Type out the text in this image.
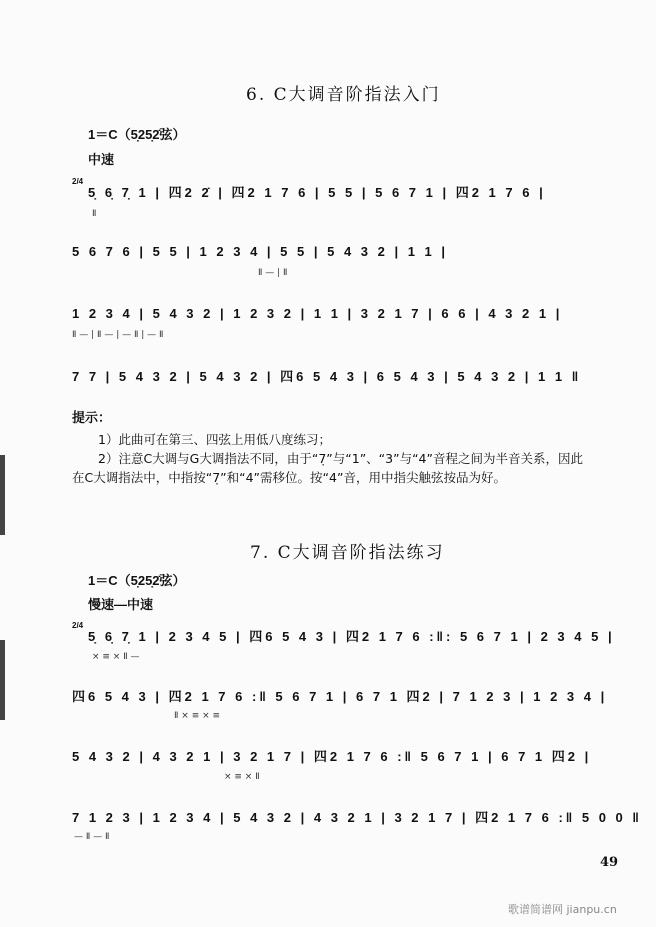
6. C大调音阶指法入门
1＝C（5̣25̣2̇弦）
中速
2/4
5̣ 6̣ 7̣ 1 | 四2 2̇ | 四2 1 7 6 | 5 5 | 5 6 7 1 | 四2 1 7 6 |
Ⅱ
5 6 7 6 | 5 5 | 1 2 3 4 | 5 5 | 5 4 3 2 | 1 1 |
Ⅱ — | Ⅱ
1 2 3 4 | 5 4 3 2 | 1 2 3 2 | 1 1 | 3 2 1 7 | 6 6 | 4 3 2 1 |
Ⅱ — | Ⅱ — | — Ⅱ | — Ⅱ
7 7 | 5 4 3 2 | 5 4 3 2 | 四6 5 4 3 | 6 5 4 3 | 5 4 3 2 | 1 1 ‖
提示：
1）此曲可在第三、四弦上用低八度练习；
2）注意C大调与G大调指法不同，由于“7̣”与“1”、“3”与“4”音程之间为半音关系，因此
在C大调指法中，中指按“7̣”和“4”需移位。按“4”音，用中指尖触弦按品为好。
7. C大调音阶指法练习
1＝C（5̣25̣2̇弦）
慢速—中速
2/4
5̣ 6̣ 7̣ 1 | 2 3 4 5 | 四6 5 4 3 | 四2 1 7 6 :‖: 5 6 7 1 | 2 3 4 5 |
× ≡ × Ⅱ —
四6 5 4 3 | 四2 1 7 6 :‖ 5 6 7 1 | 6 7 1 四2 | 7 1 2 3 | 1 2 3 4 |
Ⅱ × ≡ × ≡
5 4 3 2 | 4 3 2 1 | 3 2 1 7 | 四2 1 7 6 :‖ 5 6 7 1 | 6 7 1 四2 |
× ≡ × Ⅱ
7 1 2 3 | 1 2 3 4 | 5 4 3 2 | 4 3 2 1 | 3 2 1 7 | 四2 1 7 6 :‖ 5 0 0 ‖
— Ⅱ — Ⅱ
49
歌谱简谱网 jianpu.cn
